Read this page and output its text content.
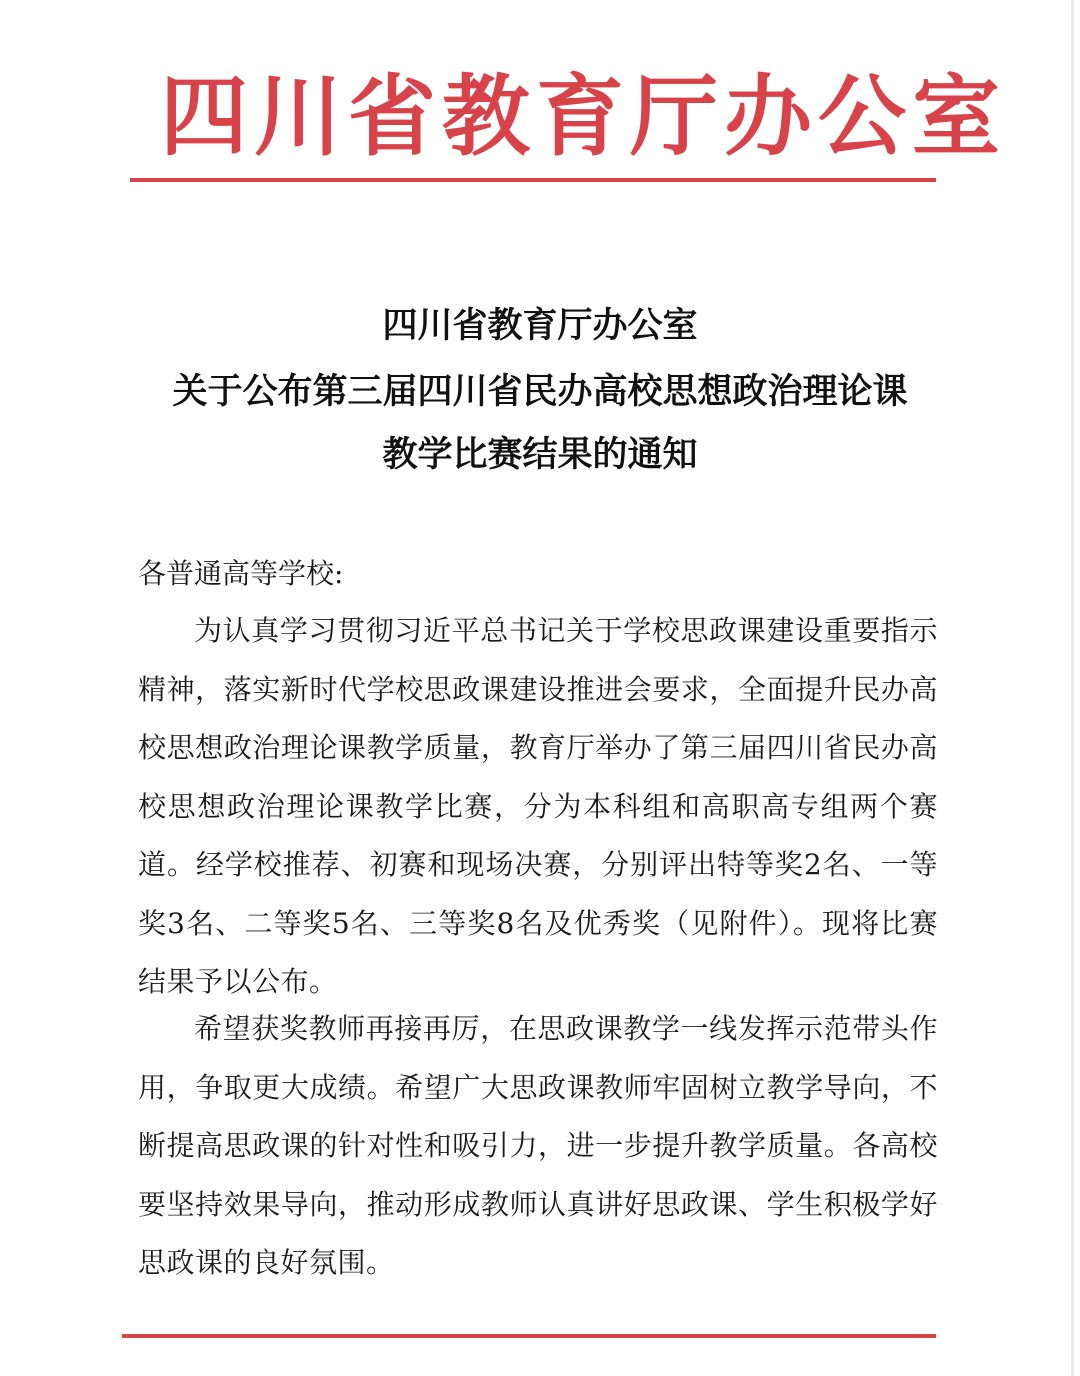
四川省教育厅办公室
四川省教育厅办公室
关于公布第三届四川省民办高校思想政治理论课
教学比赛结果的通知
各普通高等学校:

为认真学习贯彻习近平总书记关于学校思政课建设重要指示精神，落实新时代学校思政课建设推进会要求，全面提升民办高校思想政治理论课教学质量，教育厅举办了第三届四川省民办高校思想政治理论课教学比赛，分为本科组和高职高专组两个赛道。经学校推荐、初赛和现场决赛，分别评出特等奖2名、一等奖3名、二等奖5名、三等奖8名及优秀奖（见附件）。现将比赛结果予以公布。

希望获奖教师再接再厉，在思政课教学一线发挥示范带头作用，争取更大成绩。希望广大思政课教师牢固树立教学导向，不断提高思政课的针对性和吸引力，进一步提升教学质量。各高校要坚持效果导向，推动形成教师认真讲好思政课、学生积极学好思政课的良好氛围。
